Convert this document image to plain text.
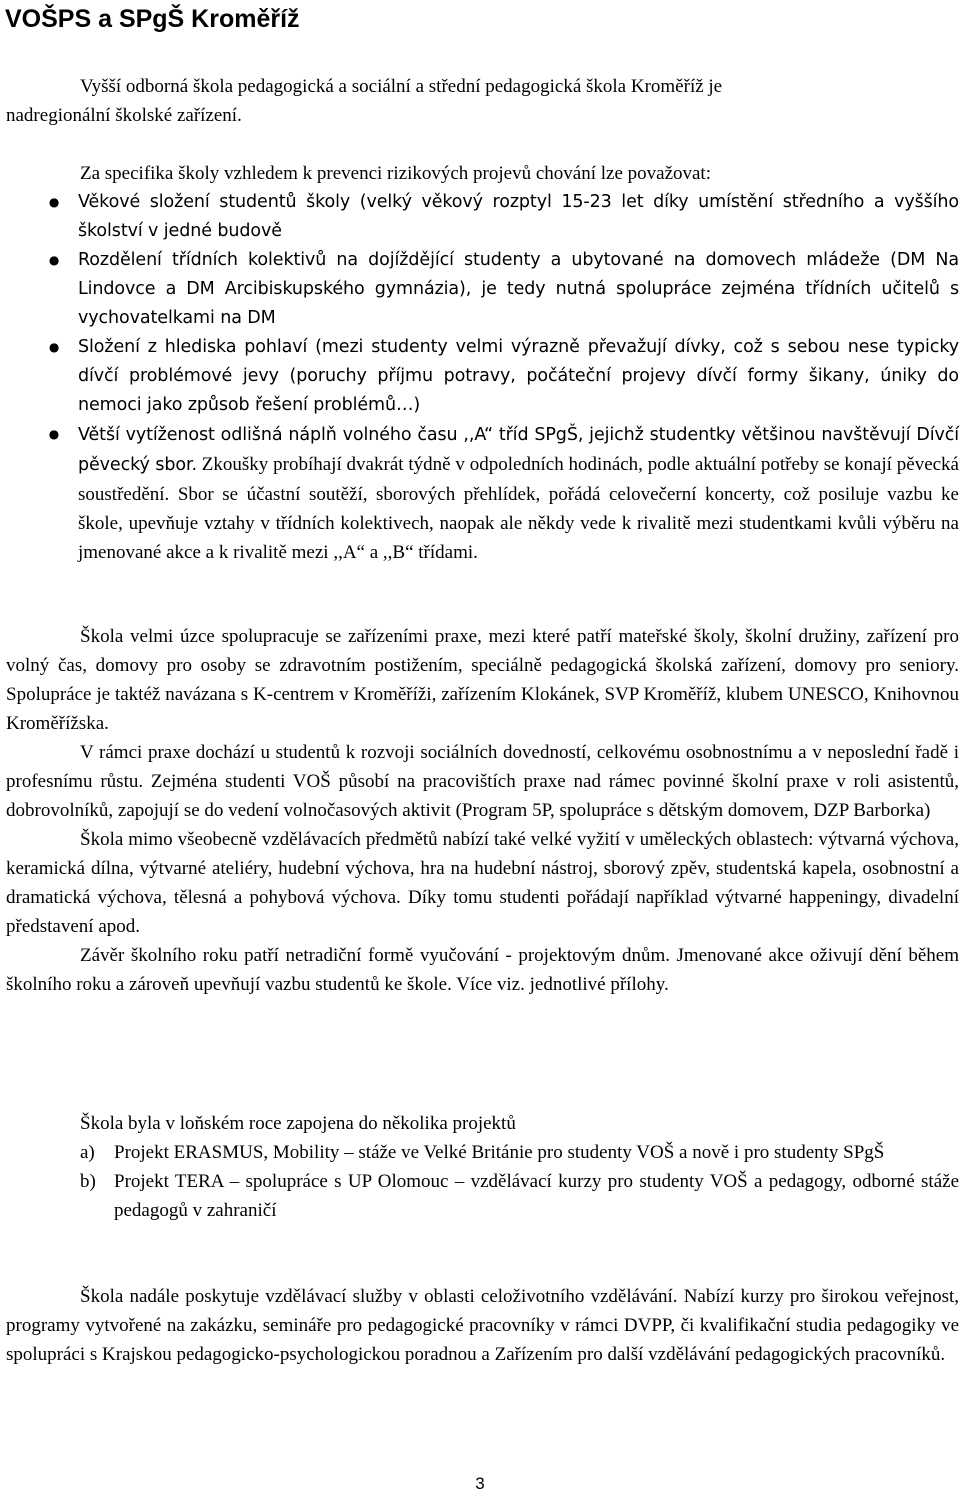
VOŠPS a SPgŠ Kroměříž

Vyšší odborná škola pedagogická a sociální a střední pedagogická škola Kroměříž je

nadregionální školské zařízení.

Za specifika školy vzhledem k prevenci rizikových projevů chování lze považovat:

● Věkové složení studentů školy (velký věkový rozptyl 15-23 let díky umístění středního a vyššího školství v jedné budově
● Rozdělení třídních kolektivů na dojíždějící studenty a ubytované na domovech mládeže (DM Na Lindovce a DM Arcibiskupského gymnázia), je tedy nutná spolupráce zejména třídních učitelů s vychovatelkami na DM
● Složení z hlediska pohlaví (mezi studenty velmi výrazně převažují dívky, což s sebou nese typicky dívčí problémové jevy (poruchy příjmu potravy, počáteční projevy dívčí formy šikany, úniky do nemoci jako způsob řešení problémů…)
● Větší vytíženost odlišná náplň volného času ,,A“ tříd SPgŠ, jejichž studentky většinou navštěvují Dívčí pěvecký sbor. Zkoušky probíhají dvakrát týdně v odpoledních hodinách, podle aktuální potřeby se konají pěvecká soustředění. Sbor se účastní soutěží, sborových přehlídek, pořádá celovečerní koncerty, což posiluje vazbu ke škole, upevňuje vztahy v třídních kolektivech, naopak ale někdy vede k rivalitě mezi studentkami kvůli výběru na jmenované akce a k rivalitě mezi ,,A“ a ,,B“ třídami.

Škola velmi úzce spolupracuje se zařízeními praxe, mezi které patří mateřské školy, školní družiny, zařízení pro volný čas, domovy pro osoby se zdravotním postižením, speciálně pedagogická školská zařízení, domovy pro seniory. Spolupráce je taktéž navázana s K-centrem v Kroměříži, zařízením Klokánek, SVP Kroměříž, klubem UNESCO, Knihovnou Kroměřížska.

V rámci praxe dochází u studentů k rozvoji sociálních dovedností, celkovému osobnostnímu a v neposlední řadě i profesnímu růstu. Zejména studenti VOŠ působí na pracovištích praxe nad rámec povinné školní praxe v roli asistentů, dobrovolníků, zapojují se do vedení volnočasových aktivit (Program 5P, spolupráce s dětským domovem, DZP Barborka)

Škola mimo všeobecně vzdělávacích předmětů nabízí také velké vyžití v uměleckých oblastech: výtvarná výchova, keramická dílna, výtvarné ateliéry, hudební výchova, hra na hudební nástroj, sborový zpěv, studentská kapela, osobnostní a dramatická výchova, tělesná a pohybová výchova. Díky tomu studenti pořádají například výtvarné happeningy, divadelní představení apod.

Závěr školního roku patří netradiční formě vyučování - projektovým dnům. Jmenované akce oživují dění během školního roku a zároveň upevňují vazbu studentů ke škole. Více viz. jednotlivé přílohy.

Škola byla v loňském roce zapojena do několika projektů

a) Projekt ERASMUS, Mobility – stáže ve Velké Británie pro studenty VOŠ a nově i pro studenty SPgŠ
b) Projekt TERA – spolupráce s UP Olomouc – vzdělávací kurzy pro studenty VOŠ a pedagogy, odborné stáže pedagogů v zahraničí

Škola nadále poskytuje vzdělávací služby v oblasti celoživotního vzdělávání. Nabízí kurzy pro širokou veřejnost, programy vytvořené na zakázku, semináře pro pedagogické pracovníky v rámci DVPP, či kvalifikační studia pedagogiky ve spolupráci s Krajskou pedagogicko-psychologickou poradnou a Zařízením pro další vzdělávání pedagogických pracovníků.

3
